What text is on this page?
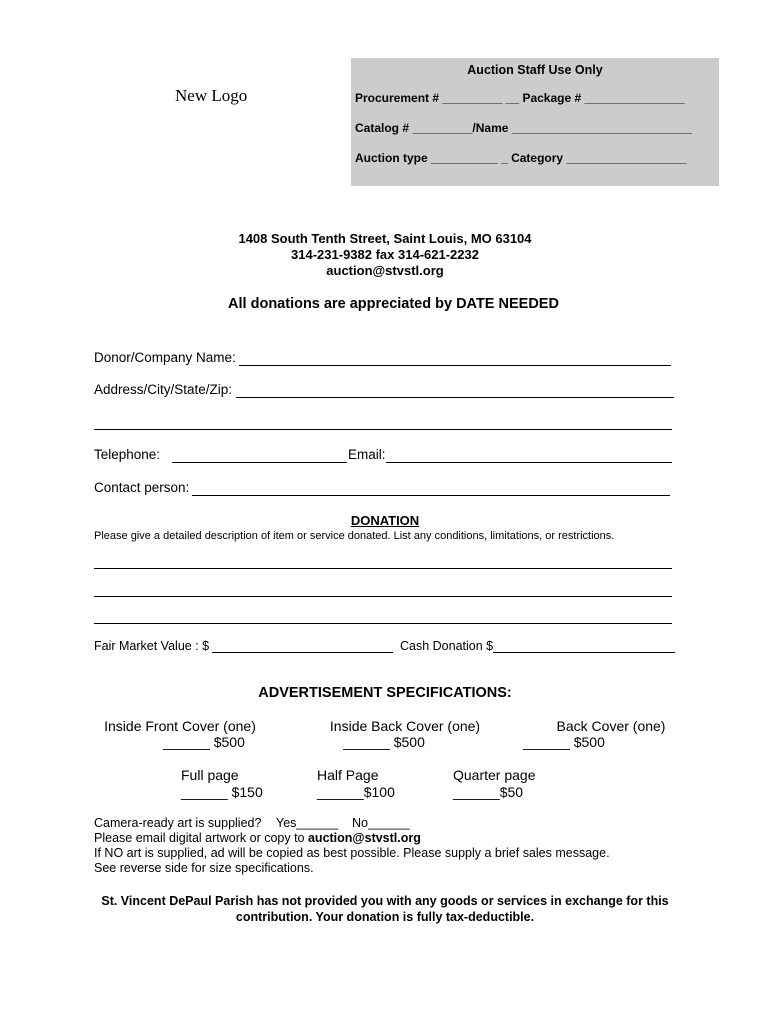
New Logo
Auction Staff Use Only
Procurement # _________ __ Package # _______________
Catalog # _________/Name ___________________________
Auction type __________ _ Category __________________
1408 South Tenth Street, Saint Louis, MO 63104
314-231-9382 fax 314-621-2232
auction@stvstl.org
All donations are appreciated by DATE NEEDED
Donor/Company Name:
Address/City/State/Zip:
Telephone:	Email:
Contact person:
DONATION
Please give a detailed description of item or service donated. List any conditions, limitations, or restrictions.
Fair Market Value : $	Cash Donation $
ADVERTISEMENT SPECIFICATIONS:
Inside Front Cover (one)
______ $500
Inside Back Cover (one)
______ $500
Back Cover (one)
______ $500
Full page
______ $150
Half Page
______$100
Quarter page
______$50
Camera-ready art is supplied? Yes______ No______
Please email digital artwork or copy to auction@stvstl.org
If NO art is supplied, ad will be copied as best possible. Please supply a brief sales message.
See reverse side for size specifications.
St. Vincent DePaul Parish has not provided you with any goods or services in exchange for this
contribution. Your donation is fully tax-deductible.
